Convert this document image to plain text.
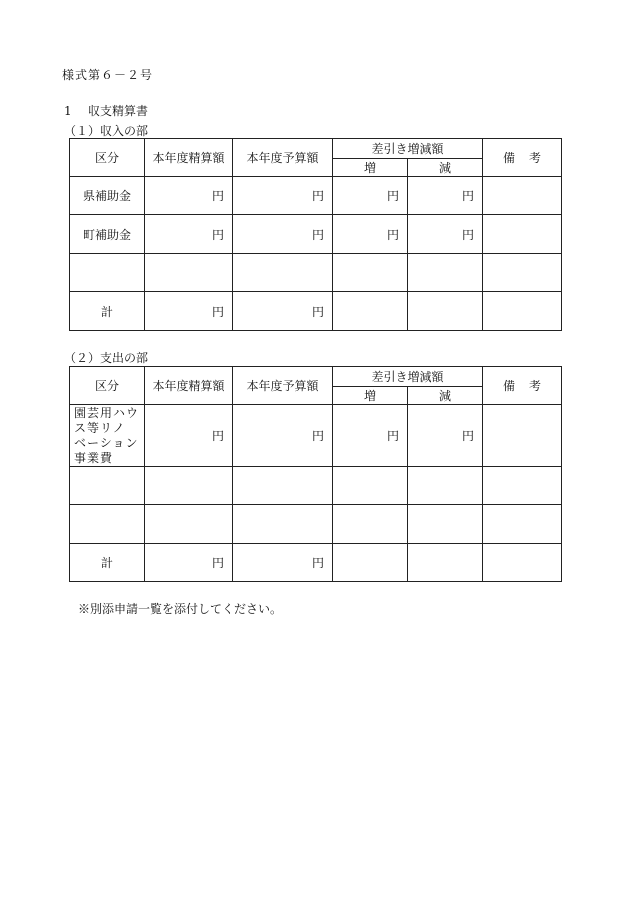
様式第６－２号
1 収支精算書
（１）収入の部
区分	本年度精算額	本年度予算額	差引き増減額		備考
			増	減	
県補助金	円	円	円	円	
町補助金	円	円	円	円	

計	円	円			
（２）支出の部
区分	本年度精算額	本年度予算額	差引き増減額		備考
			増	減	

園芸用ハウ
ス等リノ
ベーション
事業費	円	円	円	円	

計	円	円			
※別添申請一覧を添付してください。
